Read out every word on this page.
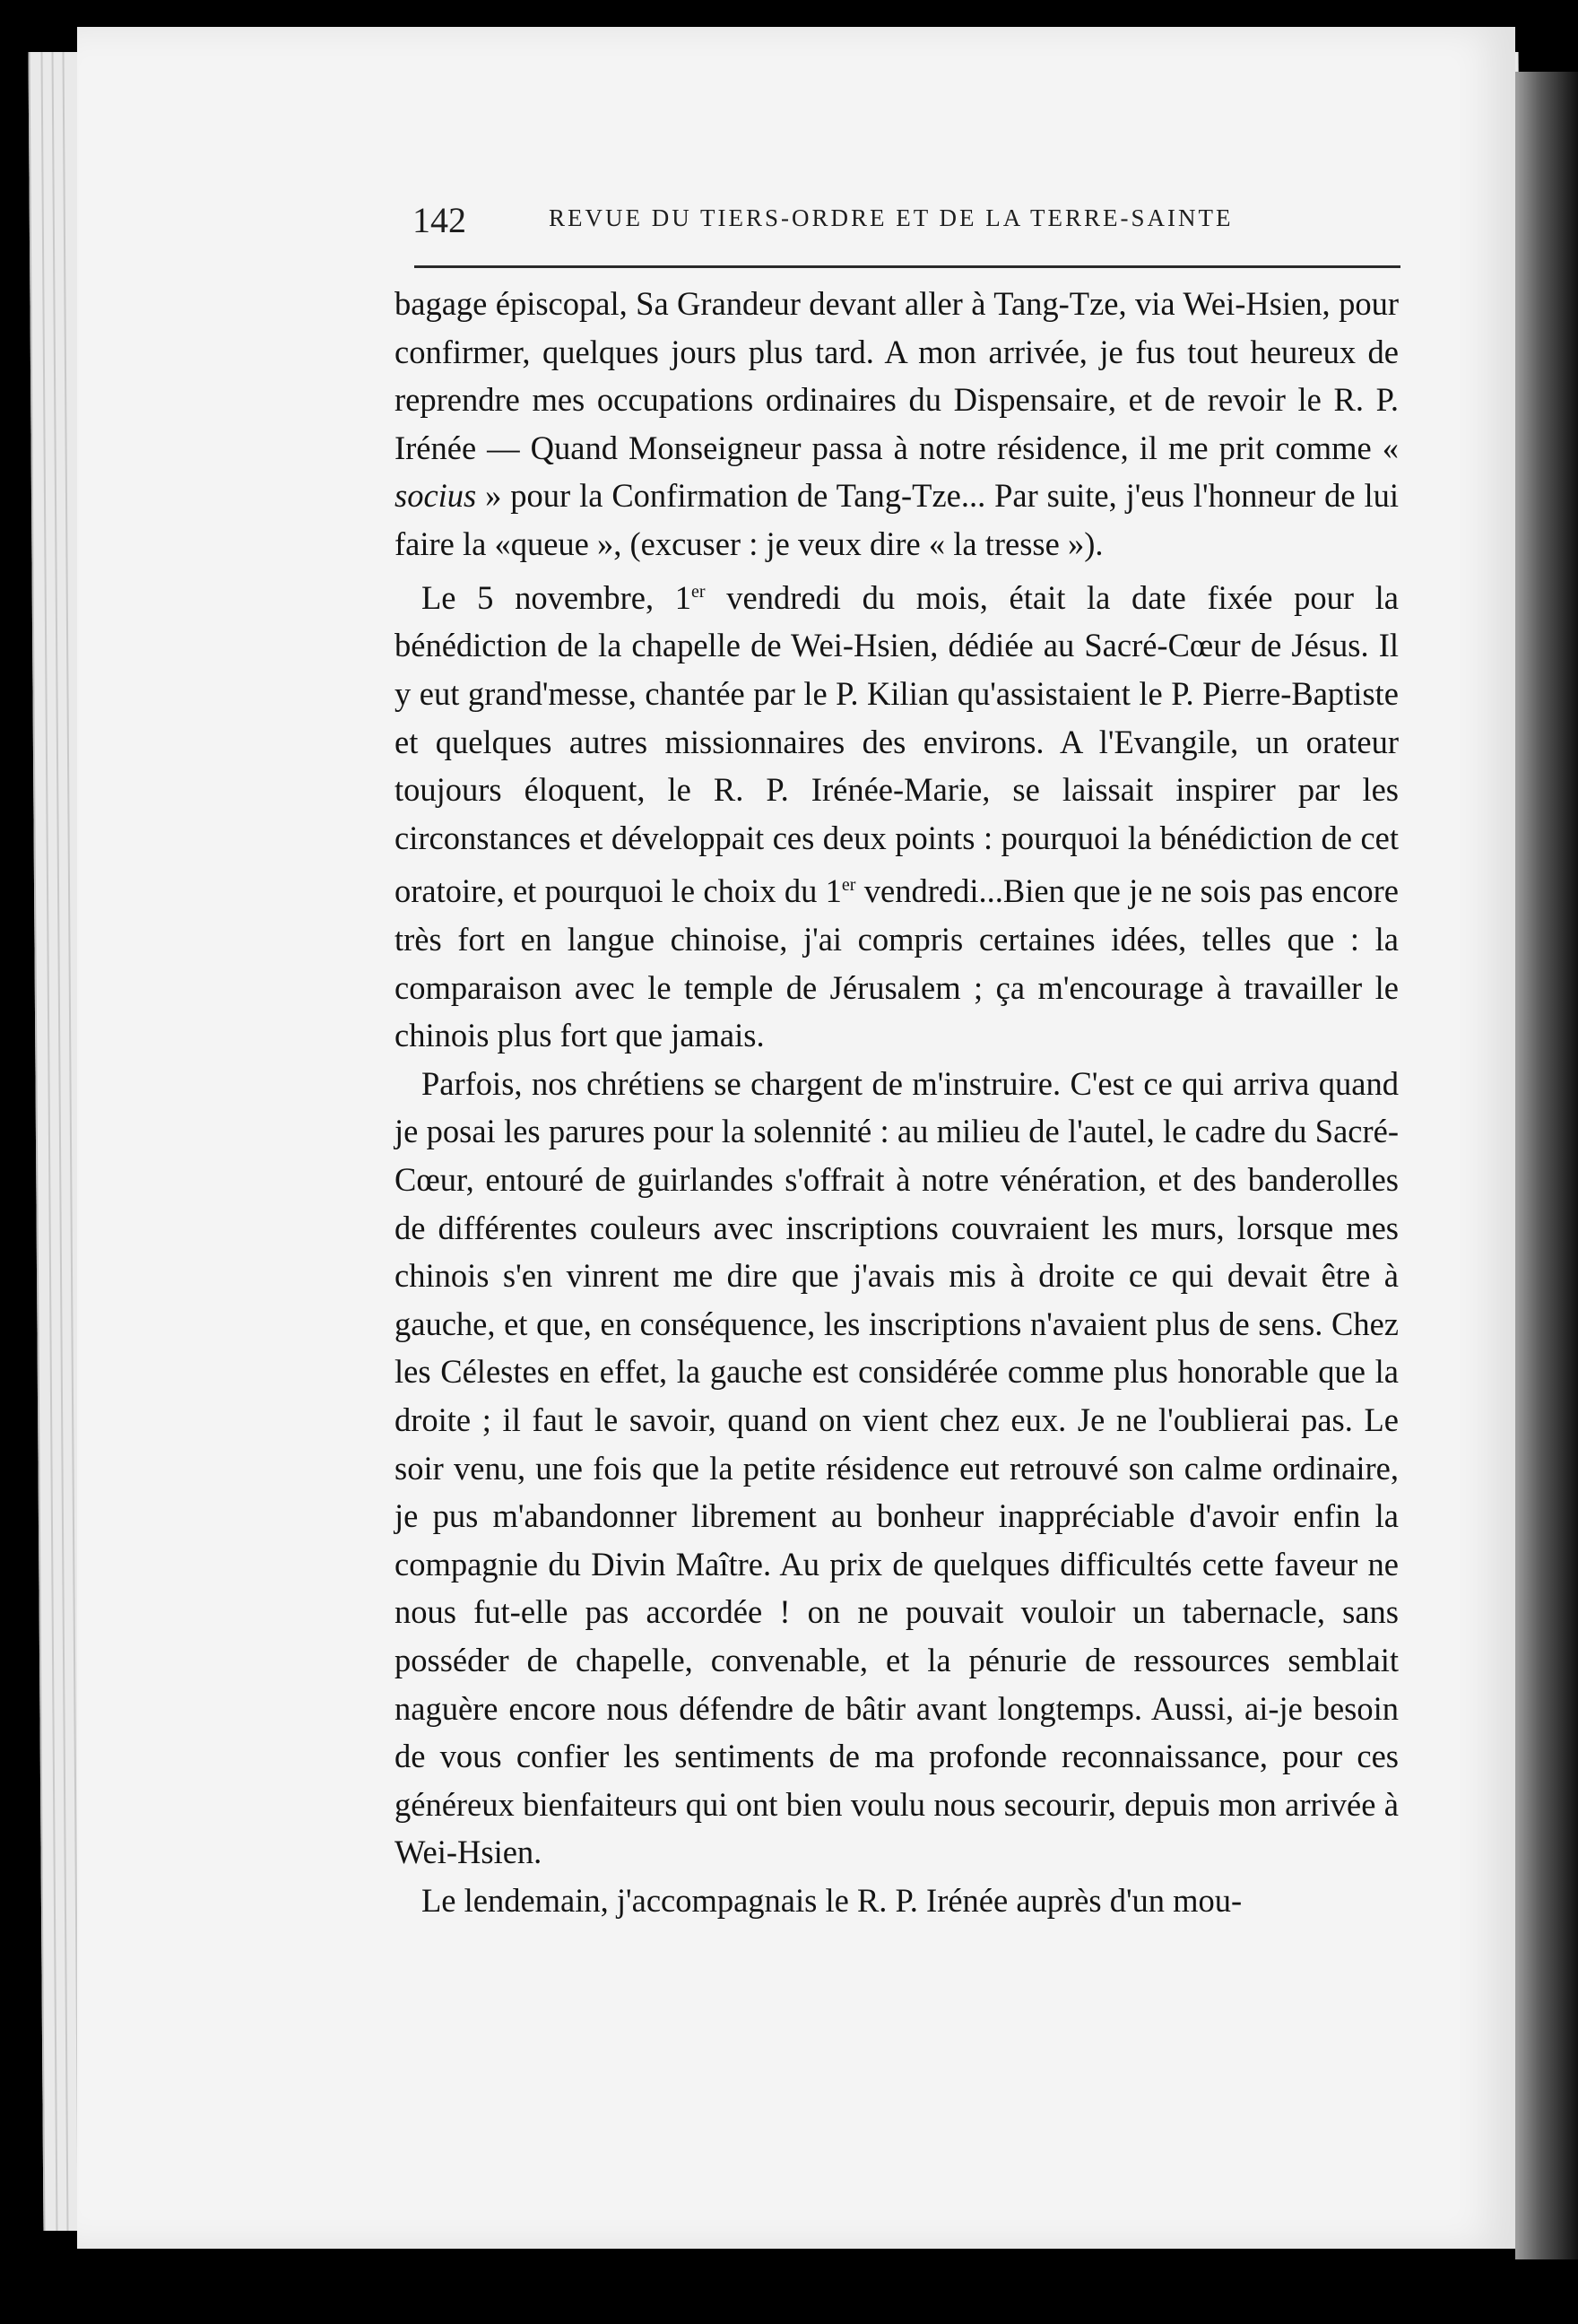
142	REVUE DU TIERS-ORDRE ET DE LA TERRE-SAINTE

bagage épiscopal, Sa Grandeur devant aller à Tang-Tze, via Wei-Hsien, pour confirmer, quelques jours plus tard. A mon arrivée, je fus tout heureux de reprendre mes occupations ordinaires du Dispensaire, et de revoir le R. P. Irénée — Quand Monseigneur passa à notre résidence, il me prit comme « socius » pour la Confirmation de Tang-Tze... Par suite, j'eus l'honneur de lui faire la «queue », (excuser : je veux dire « la tresse »).

Le 5 novembre, 1er vendredi du mois, était la date fixée pour la bénédiction de la chapelle de Wei-Hsien, dédiée au Sacré-Cœur de Jésus. Il y eut grand'messe, chantée par le P. Kilian qu'assistaient le P. Pierre-Baptiste et quelques autres missionnaires des environs. A l'Evangile, un orateur toujours éloquent, le R. P. Irénée-Marie, se laissait inspirer par les circonstances et développait ces deux points : pourquoi la bénédiction de cet oratoire, et pourquoi le choix du 1er vendredi...Bien que je ne sois pas encore très fort en langue chinoise, j'ai compris certaines idées, telles que : la comparaison avec le temple de Jérusalem ; ça m'encourage à travailler le chinois plus fort que jamais.

Parfois, nos chrétiens se chargent de m'instruire. C'est ce qui arriva quand je posai les parures pour la solennité : au milieu de l'autel, le cadre du Sacré-Cœur, entouré de guirlandes s'offrait à notre vénération, et des banderolles de différentes couleurs avec inscriptions couvraient les murs, lorsque mes chinois s'en vinrent me dire que j'avais mis à droite ce qui devait être à gauche, et que, en conséquence, les inscriptions n'avaient plus de sens. Chez les Célestes en effet, la gauche est considérée comme plus honorable que la droite ; il faut le savoir, quand on vient chez eux. Je ne l'oublierai pas. Le soir venu, une fois que la petite résidence eut retrouvé son calme ordinaire, je pus m'abandonner librement au bonheur inappréciable d'avoir enfin la compagnie du Divin Maître. Au prix de quelques difficultés cette faveur ne nous fut-elle pas accordée ! on ne pouvait vouloir un tabernacle, sans posséder de chapelle, convenable, et la pénurie de ressources semblait naguère encore nous défendre de bâtir avant longtemps. Aussi, ai-je besoin de vous confier les sentiments de ma profonde reconnaissance, pour ces généreux bienfaiteurs qui ont bien voulu nous secourir, depuis mon arrivée à Wei-Hsien.

Le lendemain, j'accompagnais le R. P. Irénée auprès d'un mou-
